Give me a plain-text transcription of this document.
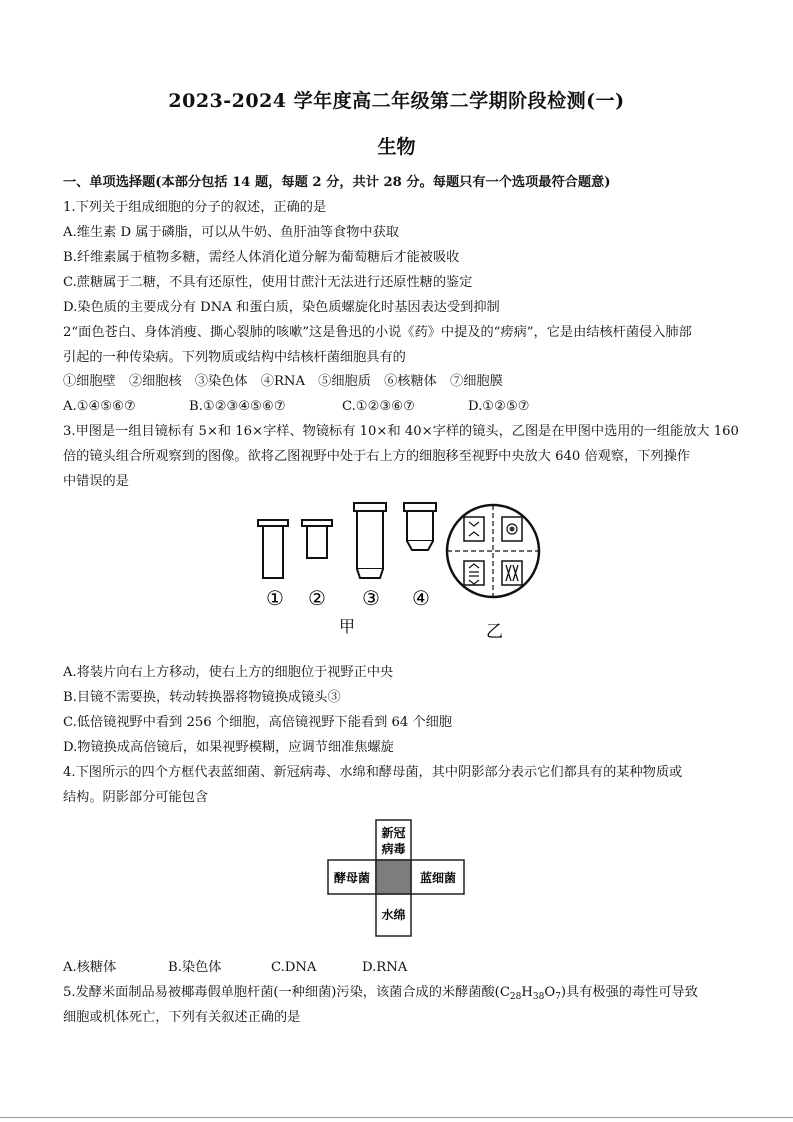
2023-2024 学年度高二年级第二学期阶段检测(一)
生物
一、单项选择题(本部分包括 14 题，每题 2 分，共计 28 分。每题只有一个选项最符合题意)
1.下列关于组成细胞的分子的叙述，正确的是
A.维生素 D 属于磷脂，可以从牛奶、鱼肝油等食物中获取
B.纤维素属于植物多糖，需经人体消化道分解为葡萄糖后才能被吸收
C.蔗糖属于二糖，不具有还原性，使用甘蔗汁无法进行还原性糖的鉴定
D.染色质的主要成分有 DNA 和蛋白质，染色质螺旋化时基因表达受到抑制
2“面色苍白、身体消瘦、撕心裂肺的咳嗽”这是鲁迅的小说《药》中提及的“痨病”，它是由结核杆菌侵入肺部
引起的一种传染病。下列物质或结构中结核杆菌细胞具有的
①细胞壁　②细胞核　③染色体　④RNA　⑤细胞质　⑥核糖体　⑦细胞膜
A.①④⑤⑥⑦	B.①②③④⑤⑥⑦	C.①②③⑥⑦	D.①②⑤⑦
3.甲图是一组目镜标有 5×和 16×字样、物镜标有 10×和 40×字样的镜头，乙图是在甲图中选用的一组能放大 160
倍的镜头组合所观察到的图像。欲将乙图视野中处于右上方的细胞移至视野中央放大 640 倍观察，下列操作
中错误的是
① ② ③ ④
甲	乙
A.将装片向右上方移动，使右上方的细胞位于视野正中央
B.目镜不需要换，转动转换器将物镜换成镜头③
C.低倍镜视野中看到 256 个细胞，高倍镜视野下能看到 64 个细胞
D.物镜换成高倍镜后，如果视野模糊，应调节细准焦螺旋
4.下图所示的四个方框代表蓝细菌、新冠病毒、水绵和酵母菌，其中阴影部分表示它们都具有的某种物质或
结构。阴影部分可能包含
新冠
病毒
酵母菌	蓝细菌
水绵
A.核糖体	B.染色体	C.DNA	D.RNA
5.发酵米面制品易被椰毒假单胞杆菌(一种细菌)污染，该菌合成的米酵菌酸$(C_{28}H_{38}O_7)$具有极强的毒性可导致
细胞或机体死亡，下列有关叙述正确的是
